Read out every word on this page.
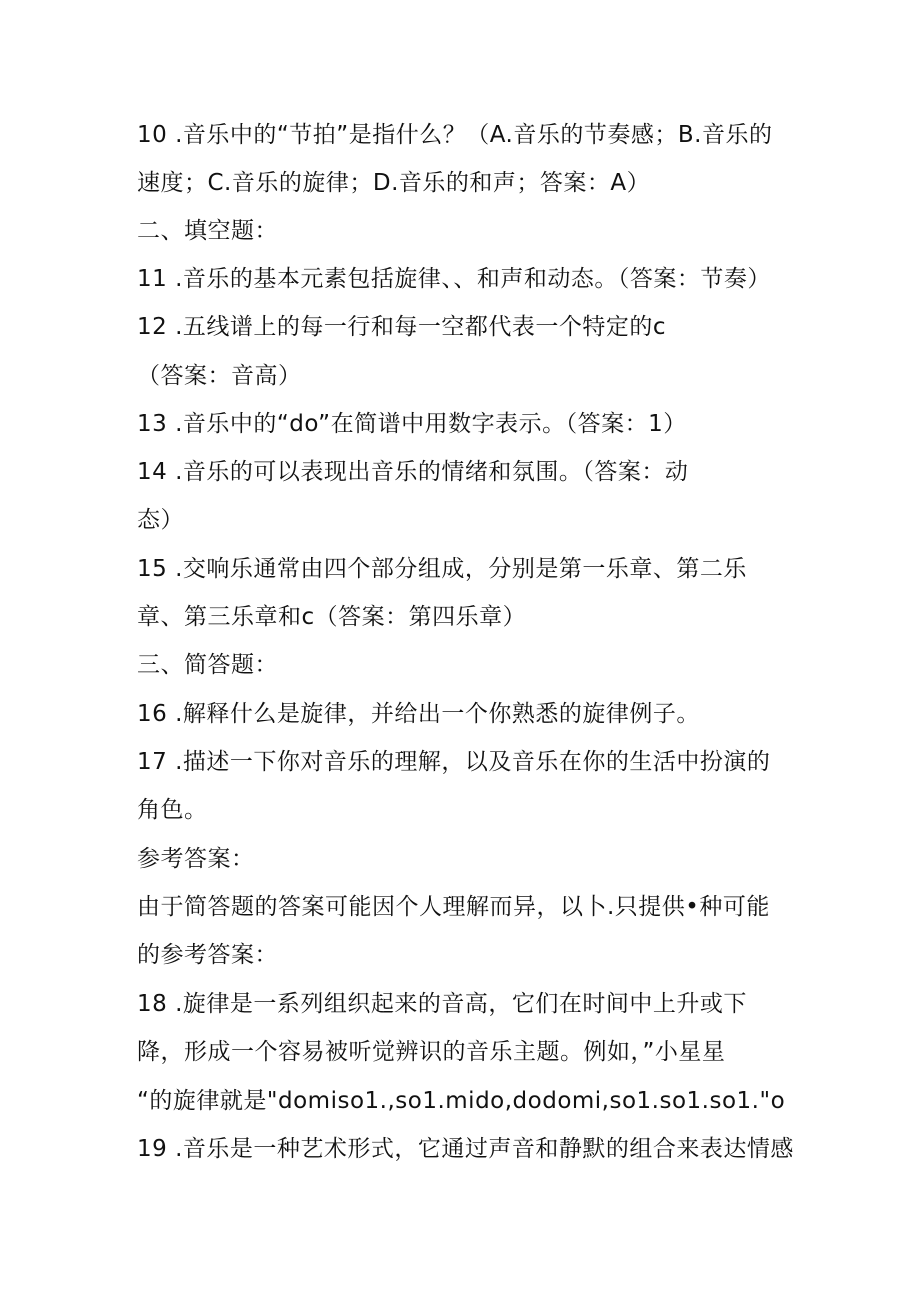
10 .音乐中的“节拍”是指什么？（A.音乐的节奏感；B.音乐的
速度；C.音乐的旋律；D.音乐的和声；答案：A）
二、填空题：
11 .音乐的基本元素包括旋律、、和声和动态。（答案：节奏）
12 .五线谱上的每一行和每一空都代表一个特定的c
（答案：音高）
13 .音乐中的“do”在简谱中用数字表示。（答案：1）
14 .音乐的可以表现出音乐的情绪和氛围。（答案：动
态）
15 .交响乐通常由四个部分组成，分别是第一乐章、第二乐
章、第三乐章和c（答案：第四乐章）
三、简答题：
16 .解释什么是旋律，并给出一个你熟悉的旋律例子。
17 .描述一下你对音乐的理解，以及音乐在你的生活中扮演的
角色。
参考答案：
由于简答题的答案可能因个人理解而异，以卜.只提供•种可能
的参考答案：
18 .旋律是一系列组织起来的音高，它们在时间中上升或下
降，形成一个容易被听觉辨识的音乐主题。例如，”小星星
“的旋律就是"domiso1.,so1.mido,dodomi,so1.so1.so1."o
19 .音乐是一种艺术形式，它通过声音和静默的组合来表达情感
